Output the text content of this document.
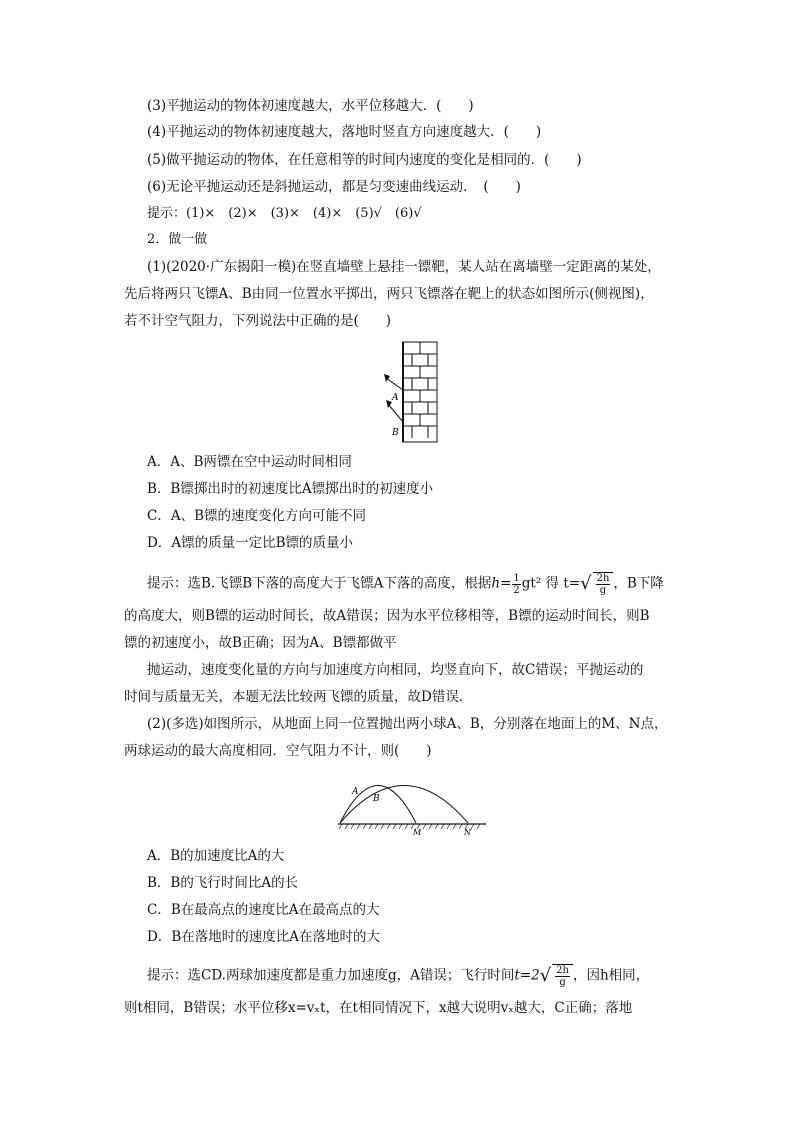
(3)平抛运动的物体初速度越大，水平位移越大．(　　)
(4)平抛运动的物体初速度越大，落地时竖直方向速度越大．(　　)
(5)做平抛运动的物体，在任意相等的时间内速度的变化是相同的．(　　)
(6)无论平抛运动还是斜抛运动，都是匀变速曲线运动．　(　　)
提示：(1)×　(2)×　(3)×　(4)×　(5)√　(6)√
2．做一做
(1)(2020·广东揭阳一模)在竖直墙壁上悬挂一镖靶，某人站在离墙壁一定距离的某处，
先后将两只飞镖A、B由同一位置水平掷出，两只飞镖落在靶上的状态如图所示(侧视图)，
若不计空气阻力，下列说法中正确的是(　　)
A
B
A．A、B两镖在空中运动时间相同
B．B镖掷出时的初速度比A镖掷出时的初速度小
C．A、B镖的速度变化方向可能不同
D．A镖的质量一定比B镖的质量小
提示：选B.飞镖B下落的高度大于飞镖A下落的高度，根据$h= \frac{1}{2} gt^2$ 得 $t=√ \frac{2h}{g}$ ，B下降
的高度大，则B镖的运动时间长，故A错误；因为水平位移相等，B镖的运动时间长，则B
镖的初速度小，故B正确；因为A、B镖都做平
抛运动，速度变化量的方向与加速度方向相同，均竖直向下，故C错误；平抛运动的
时间与质量无关，本题无法比较两飞镖的质量，故D错误．
(2)(多选)如图所示，从地面上同一位置抛出两小球A、B，分别落在地面上的M、N点，
两球运动的最大高度相同．空气阻力不计，则(　　)
A
B
M	N
A．B的加速度比A的大
B．B的飞行时间比A的长
C．B在最高点的速度比A在最高点的大
D．B在落地时的速度比A在落地时的大
提示：选CD.两球加速度都是重力加速度g，A错误；飞行时间$t=2√ \frac{2h}{g}$ ，因h相同，
则t相同，B错误；水平位移x=vₓt，在t相同情况下，x越大说明vₓ越大，C正确；落地
